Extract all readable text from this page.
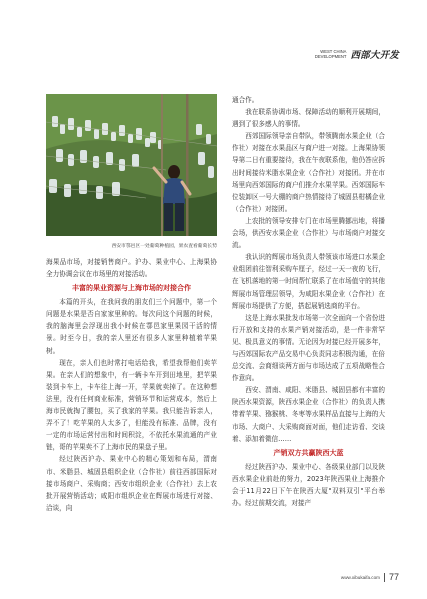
WEST CHINA
DEVELOPMENT 西部大开发
西安市鄠邑区一处葡萄种植园，果农査看葡萄长势

海果品市场，对接销售商户。沪办、果业中心、上海果协全力协调会议在市场里的对接活动。

丰富的果业资源与上海市场的对接合作

本篇的开头，在我问我的朋友们三个问题中，第一个问题是水果是否自家家里种的。每次问这个问题的时候，我的脑海里会浮现出我小时候在鄠邑家里果园干活的情景。时至今日，我的亲人里还有很多人家里种植着苹果树。

现在，亲人们也时常打电话给我，希望我帮他们卖苹果。在亲人们的想象中，有一辆卡车开到田地里，把苹果装到卡车上，卡车往上海一开，苹果就卖掉了。在这种想法里，没有任何商业标准，营销环节和运营成本，然后上海市民就掏了腰包，买了我家的苹果。我只能告诉亲人，弄不了！吃苹果的人太多了，但能没有标准、品牌，没有一定的市场运营付出和时间积淀，不依托水果流通的产业链，哥的苹果卖不了上海市民的果盘子里。

经过陕西沪办、果业中心的精心策划和布局，渭南市、米脂县、城固县组织企业（合作社）前往西部国际对接市场商户、采购商；西安市组织企业（合作社）去上农批开展营销活动；咸阳市组织企业在辉展市场进行对接、洽谈，向

通合作。

我在联系协调市场、保障活动的顺利开展期间，遇到了很多感人的事情。

西郊国际领导亲自带队，带领腾南水果企业（合作社）对接在水果品区与商户进一对接。上海果协领导第二日有重要接待，我在午夜联系他，他仍答应拆出时间接待米脂水果企业（合作社）对接团。并在市场里向西郊国际的商户们推介水果苹果。西郊国际车位装卸区一号大棚的商户热情接待了城固县柑橘企业（合作社）对接团。

上农批的领导安排专门在市场里腾挪出地，将播会场，供西安水果企业（合作社）与市场商户对接交流。

我认识的辉展市场负责人带领该市场进口水果企业组团前往智利采购车厘子，经过一天一夜的飞行，在飞机落地的第一时间帮忙联系了在市场值守的其他辉展市场管理层领导，为咸阳水果企业（合作社）在辉展市场提供了方便，搭起展销选商的平台。

这是上海水果批发市场第一次全面向一个省份进行开放和支持的水果产销对接活动，是一件非常罕见、极具意义的事情。无论因为对接已经开展多年，与西郊国际农产品交易中心负责同志积极沟通，在倍总交流、会商细谈两方面与市场达成了五项战略性合作意向。

西安、渭南、咸阳、米脂县、城固县都有丰富的陕西水果资源，陕西水果企业（合作社）的负责人携带着苹果、猕猴桃、冬枣等水果样品直接与上海的大市场、大商户、大采购商面对面，他们走访看、交谈着、添加着微信……

产销双方共赢陕西大蓝

经过陕西沪办、果业中心、各级果业部门以及陕西水果企业前赴的努力，2023年陕西果业上海推介会于11月22日下午在陕西大厦"双料双引"平台举办。经过前期交流，对接产

www.xibukaifa.com 77
